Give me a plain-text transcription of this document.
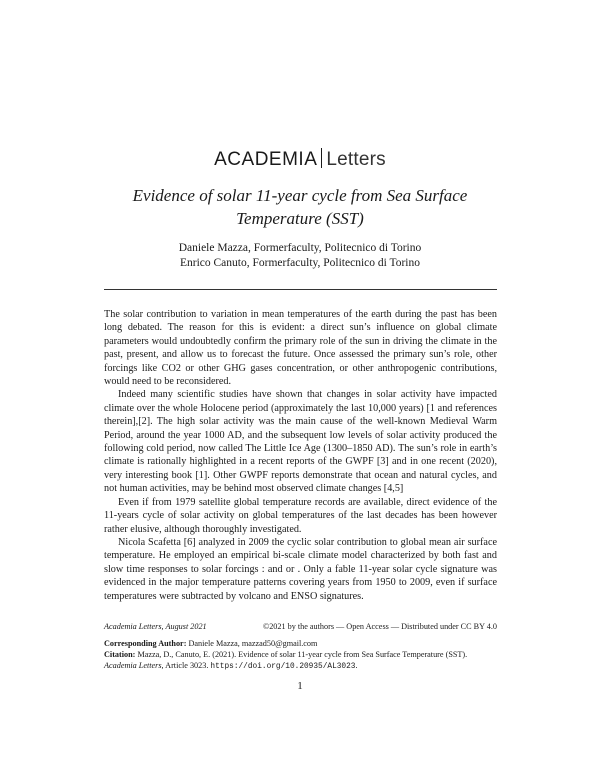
ACADEMIA Letters
Evidence of solar 11-year cycle from Sea Surface Temperature (SST)
Daniele Mazza, Formerfaculty, Politecnico di Torino
Enrico Canuto, Formerfaculty, Politecnico di Torino

The solar contribution to variation in mean temperatures of the earth during the past has been long debated. The reason for this is evident: a direct sun’s influence on global climate parameters would undoubtedly confirm the primary role of the sun in driving the climate in the past, present, and allow us to forecast the future. Once assessed the primary sun’s role, other forcings like CO2 or other GHG gases concentration, or other anthropogenic contributions, would need to be reconsidered.

Indeed many scientific studies have shown that changes in solar activity have impacted climate over the whole Holocene period (approximately the last 10,000 years) [1 and references therein],[2]. The high solar activity was the main cause of the well-known Medieval Warm Period, around the year 1000 AD, and the subsequent low levels of solar activity produced the following cold period, now called The Little Ice Age (1300–1850 AD). The sun’s role in earth’s climate is rationally highlighted in a recent reports of the GWPF [3] and in one recent (2020), very interesting book [1]. Other GWPF reports demonstrate that ocean and natural cycles, and not human activities, may be behind most observed climate changes [4,5]

Even if from 1979 satellite global temperature records are available, direct evidence of the 11-years cycle of solar activity on global temperatures of the last decades has been however rather elusive, although thoroughly investigated.

Nicola Scafetta [6] analyzed in 2009 the cyclic solar contribution to global mean air surface temperature. He employed an empirical bi-scale climate model characterized by both fast and slow time responses to solar forcings : and or . Only a fable 11-year solar cycle signature was evidenced in the major temperature patterns covering years from 1950 to 2009, even if surface temperatures were subtracted by volcano and ENSO signatures.

Academia Letters, August 2021	©2021 by the authors — Open Access — Distributed under CC BY 4.0
Corresponding Author: Daniele Mazza, mazzad50@gmail.com
Citation: Mazza, D., Canuto, E. (2021). Evidence of solar 11-year cycle from Sea Surface Temperature (SST).
Academia Letters, Article 3023. https://doi.org/10.20935/AL3023.
1
